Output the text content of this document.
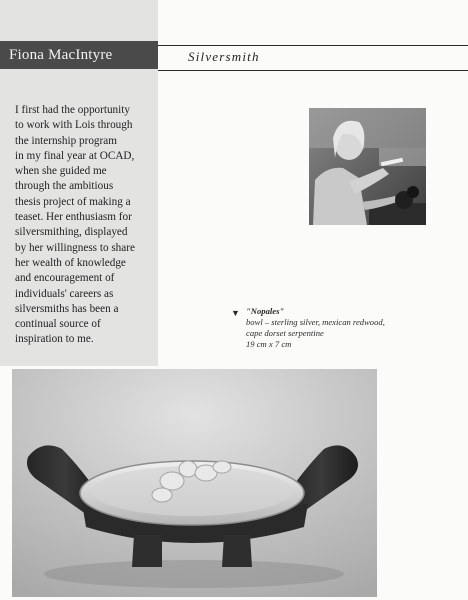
Fiona MacIntyre	Silversmith
I first had the opportunity
to work with Lois through
the internship program
in my final year at OCAD,
when she guided me
through the ambitious
thesis project of making a
teaset. Her enthusiasm for
silversmithing, displayed
by her willingness to share
her wealth of knowledge
and encouragement of
individuals' careers as
silversmiths has been a
continual source of
inspiration to me.
▼ "Nopales"
bowl – sterling silver, mexican redwood,
cape dorset serpentine
19 cm x 7 cm
